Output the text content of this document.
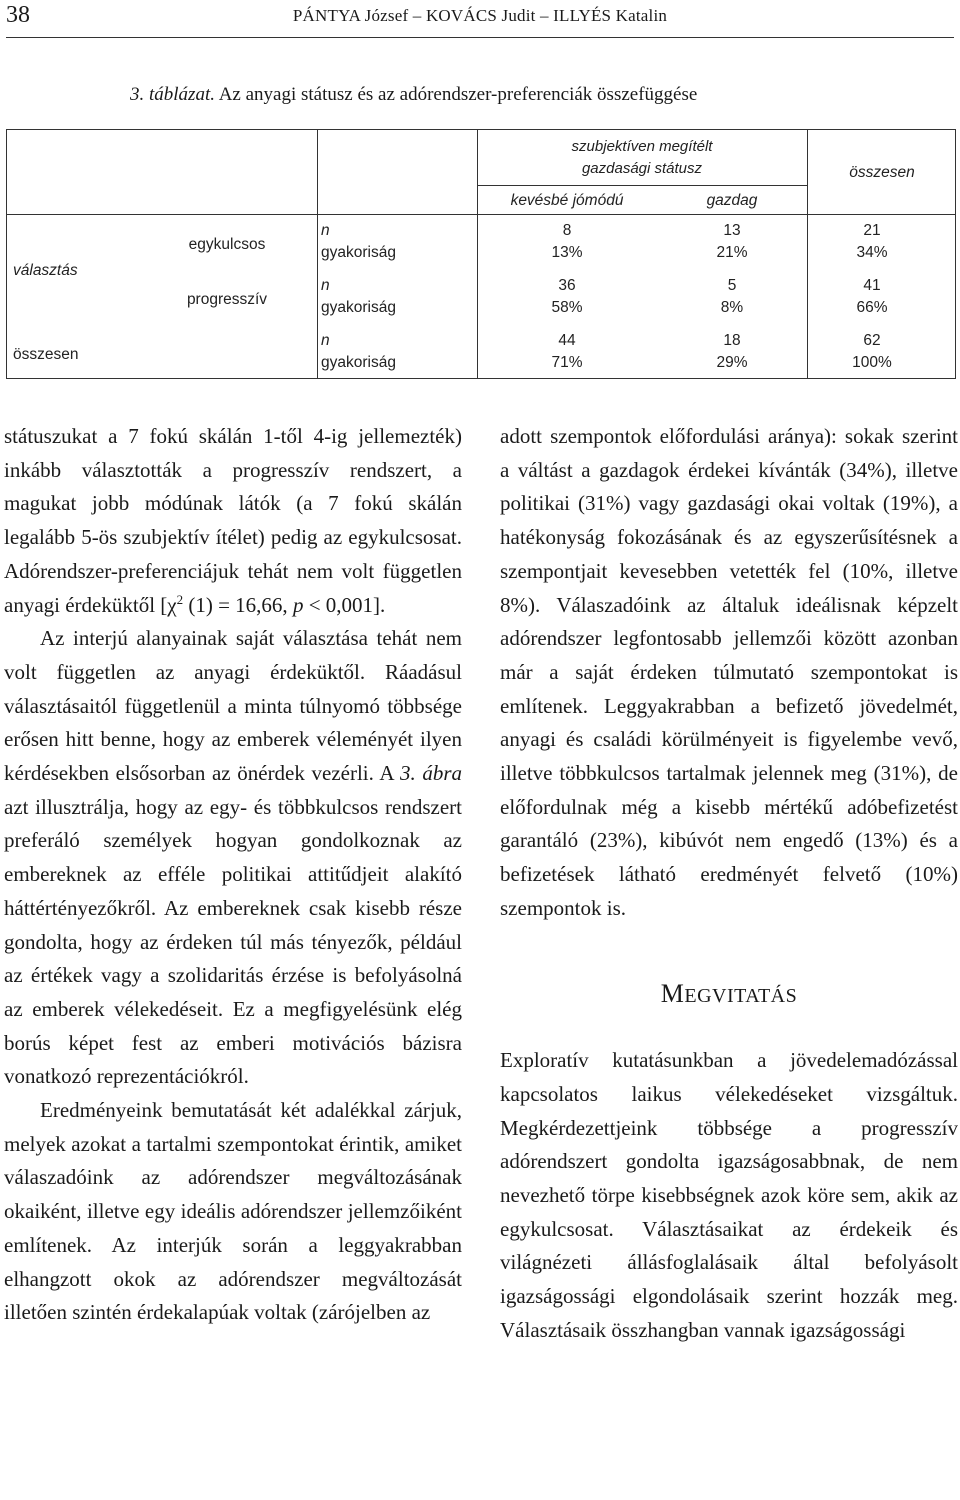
38	PÁNTYA József – KOVÁCS Judit – ILLYÉS Katalin
3. táblázat. Az anyagi státusz és az adórendszer-preferenciák összefüggése
szubjektíven megítélt
gazdasági státusz
kevésbé jómódú	gazdag
összesen
választás
egykulcsos
n
gyakoriság
8
13%
13
21%
21
34%
progresszív
n
gyakoriság
36
58%
5
8%
41
66%
összesen
n
gyakoriság
44
71%
18
29%
62
100%

státuszukat a 7 fokú skálán 1-től 4-ig jellemezték) inkább választották a progresszív rendszert, a magukat jobb módúnak látók (a 7 fokú skálán legalább 5-ös szubjektív ítélet) pedig az egykulcsosat. Adórendszer-preferenciájuk tehát nem volt független anyagi érdeküktől [$\chi^2$ (1) = 16,66, p < 0,001].

Az interjú alanyainak saját választása tehát nem volt független az anyagi érdeküktől. Ráadásul választásaitól függetlenül a minta túlnyomó többsége erősen hitt benne, hogy az emberek véleményét ilyen kérdésekben elsősorban az önérdek vezérli. A 3. ábra azt illusztrálja, hogy az egy- és többkulcsos rendszert preferáló személyek hogyan gondolkoznak az embereknek az efféle politikai attitűdjeit alakító háttértényezőkről. Az embereknek csak kisebb része gondolta, hogy az érdeken túl más tényezők, például az értékek vagy a szolidaritás érzése is befolyásolná az emberek vélekedéseit. Ez a megfigyelésünk elég borús képet fest az emberi motivációs bázisra vonatkozó reprezentációkról.

Eredményeink bemutatását két adalékkal zárjuk, melyek azokat a tartalmi szempontokat érintik, amiket válaszadóink az adórendszer megváltozásának okaiként, illetve egy ideális adórendszer jellemzőiként említenek. Az interjúk során a leggyakrabban elhangzott okok az adórendszer megváltozását illetően szintén érdekalapúak voltak (zárójelben az

adott szempontok előfordulási aránya): sokak szerint a váltást a gazdagok érdekei kívánták (34%), illetve politikai (31%) vagy gazdasági okai voltak (19%), a hatékonyság fokozásának és az egyszerűsítésnek a szempontjait kevesebben vetették fel (10%, illetve 8%). Válaszadóink az általuk ideálisnak képzelt adórendszer legfontosabb jellemzői között azonban már a saját érdeken túlmutató szempontokat is említenek. Leggyakrabban a befizető jövedelmét, anyagi és családi körülményeit is figyelembe vevő, illetve többkulcsos tartalmak jelennek meg (31%), de előfordulnak még a kisebb mértékű adóbefizetést garantáló (23%), kibúvót nem engedő (13%) és a befizetések látható eredményét felvető (10%) szempontok is.

MEGVITATÁS

Exploratív kutatásunkban a jövedelemadózással kapcsolatos laikus vélekedéseket vizsgáltuk. Megkérdezettjeink többsége a progresszív adórendszert gondolta igazságosabbnak, de nem nevezhető törpe kisebbségnek azok köre sem, akik az egykulcsosat. Választásaikat az érdekeik és világnézeti állásfoglalásaik által befolyásolt igazságossági elgondolásaik szerint hozzák meg. Választásaik összhangban vannak igazságossági
